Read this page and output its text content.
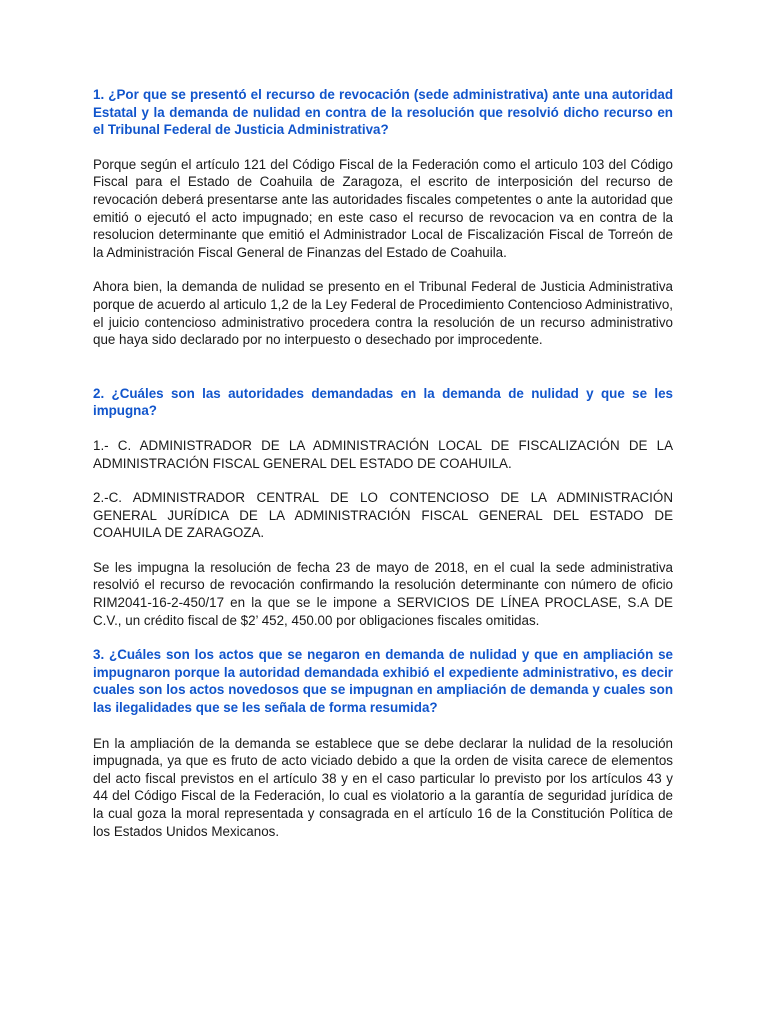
1. ¿Por que se presentó el recurso de revocación (sede administrativa) ante una autoridad Estatal y la demanda de nulidad en contra de la resolución que resolvió dicho recurso en el Tribunal Federal de Justicia Administrativa?

Porque según el artículo 121 del Código Fiscal de la Federación como el articulo 103 del Código Fiscal para el Estado de Coahuila de Zaragoza, el escrito de interposición del recurso de revocación deberá presentarse ante las autoridades fiscales competentes o ante la autoridad que emitió o ejecutó el acto impugnado; en este caso el recurso de revocacion va en contra de la resolucion determinante que emitió el Administrador Local de Fiscalización Fiscal de Torreón de la Administración Fiscal General de Finanzas del Estado de Coahuila.

Ahora bien, la demanda de nulidad se presento en el Tribunal Federal de Justicia Administrativa porque de acuerdo al articulo 1,2 de la Ley Federal de Procedimiento Contencioso Administrativo, el juicio contencioso administrativo procedera contra la resolución de un recurso administrativo que haya sido declarado por no interpuesto o desechado por improcedente.

2. ¿Cuáles son las autoridades demandadas en la demanda de nulidad y que se les impugna?

1.- C. ADMINISTRADOR DE LA ADMINISTRACIÓN LOCAL DE FISCALIZACIÓN DE LA ADMINISTRACIÓN FISCAL GENERAL DEL ESTADO DE COAHUILA.

2.-C. ADMINISTRADOR CENTRAL DE LO CONTENCIOSO DE LA ADMINISTRACIÓN GENERAL JURÍDICA DE LA ADMINISTRACIÓN FISCAL GENERAL DEL ESTADO DE COAHUILA DE ZARAGOZA.

Se les impugna la resolución de fecha 23 de mayo de 2018, en el cual la sede administrativa resolvió el recurso de revocación confirmando la resolución determinante con número de oficio RIM2041-16-2-450/17 en la que se le impone a SERVICIOS DE LÍNEA PROCLASE, S.A DE C.V., un crédito fiscal de $2’ 452, 450.00 por obligaciones fiscales omitidas.

3. ¿Cuáles son los actos que se negaron en demanda de nulidad y que en ampliación se impugnaron porque la autoridad demandada exhibió el expediente administrativo, es decir cuales son los actos novedosos que se impugnan en ampliación de demanda y cuales son las ilegalidades que se les señala de forma resumida?

En la ampliación de la demanda se establece que se debe declarar la nulidad de la resolución impugnada, ya que es fruto de acto viciado debido a que la orden de visita carece de elementos del acto fiscal previstos en el artículo 38 y en el caso particular lo previsto por los artículos 43 y 44 del Código Fiscal de la Federación, lo cual es violatorio a la garantía de seguridad jurídica de la cual goza la moral representada y consagrada en el artículo 16 de la Constitución Política de los Estados Unidos Mexicanos.
